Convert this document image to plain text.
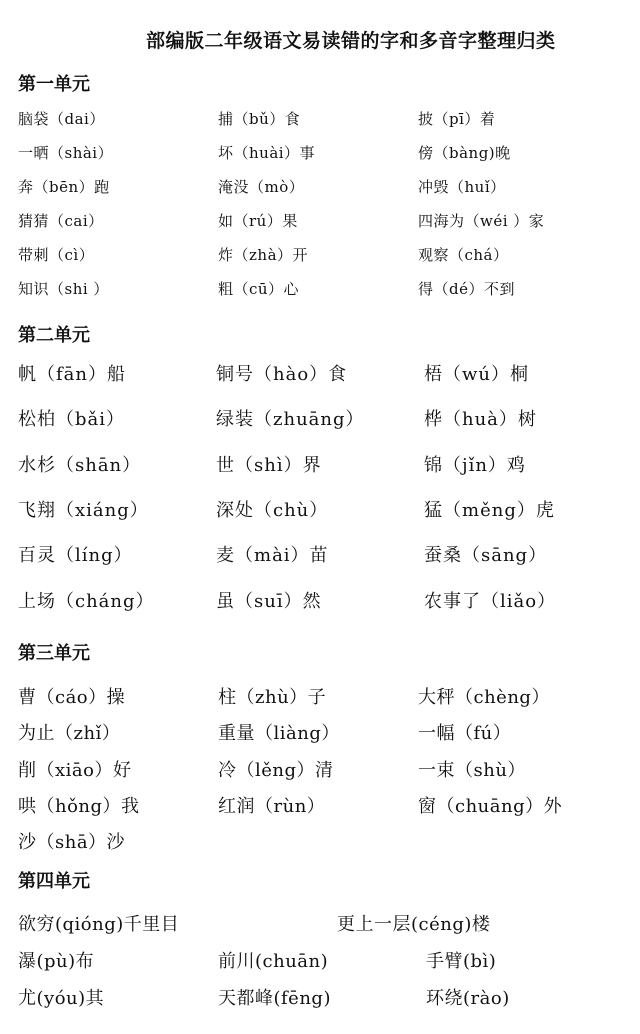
部编版二年级语文易读错的字和多音字整理归类
第一单元
脑袋（dai）	捕（bǔ）食	披（pī）着
一晒（shài）	坏（huài）事	傍（bàng)晚
奔（bēn）跑	淹没（mò）	冲毁（huǐ）
猜猜（cai）	如（rú）果	四海为（wéi ）家
带刺（cì）	炸（zhà）开	观察（chá）
知识（shi ）	粗（cū）心	得（dé）不到
第二单元
帆（fān）船	铜号（hào）食	梧（wú）桐
松柏（bǎi）	绿装（zhuāng）	桦（huà）树
水杉（shān）	世（shì）界	锦（jǐn）鸡
飞翔（xiáng）	深处（chù）	猛（měng）虎
百灵（líng）	麦（mài）苗	蚕桑（sāng）
上场（cháng）	虽（suī）然	农事了（liǎo）
第三单元
曹（cáo）操	柱（zhù）子	大秤（chèng）
为止（zhǐ）	重量（liàng）	一幅（fú）
削（xiāo）好	冷（lěng）清	一束（shù）
哄（hǒng）我	红润（rùn）	窗（chuāng）外
沙（shā）沙
第四单元
欲穷(qióng)千里目	更上一层(céng)楼
瀑(pù)布	前川(chuān)	手臂(bì)
尤(yóu)其	天都峰(fēng)	环绕(rào)
